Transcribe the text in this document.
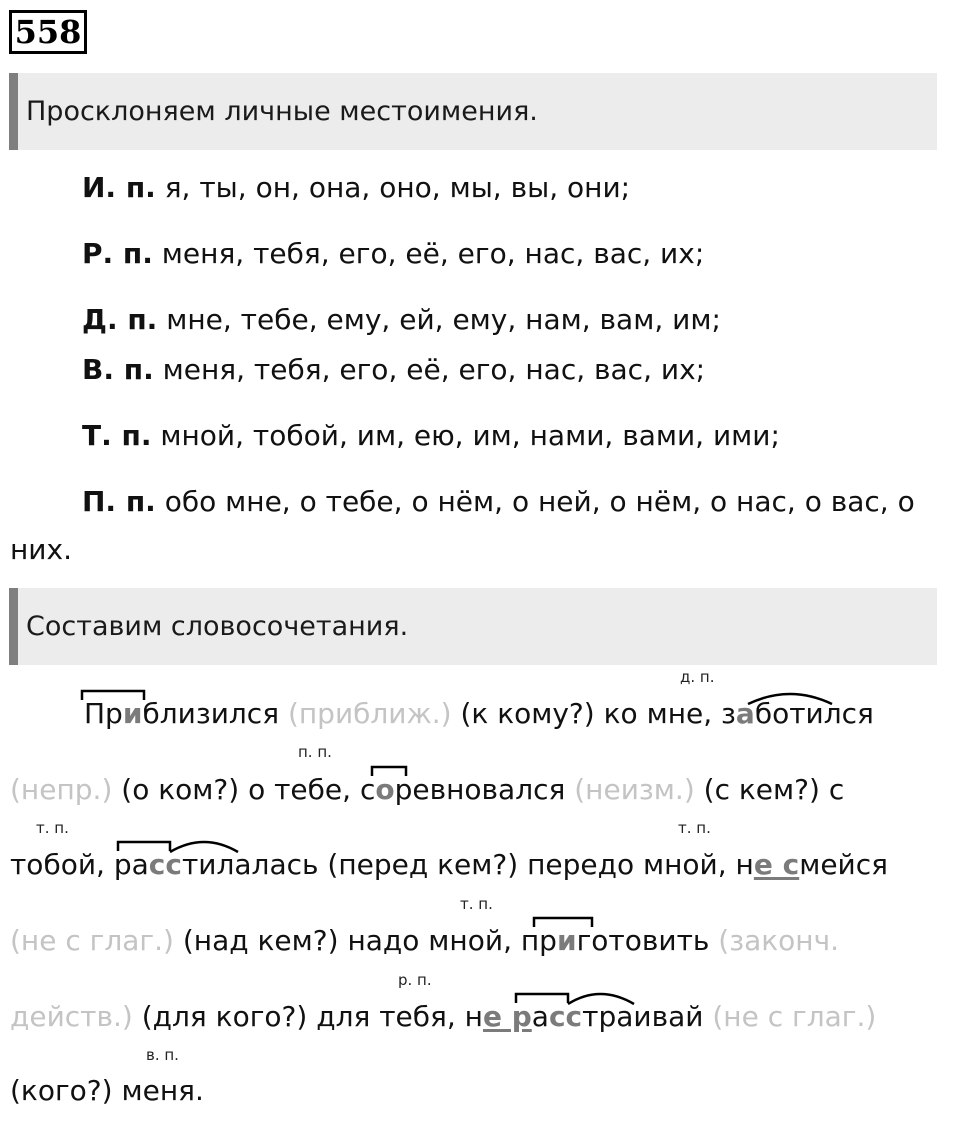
558
Просклоняем личные местоимения.
И. п. я, ты, он, она, оно, мы, вы, они;
Р. п. меня, тебя, его, её, его, нас, вас, их;
Д. п. мне, тебе, ему, ей, ему, нам, вам, им;
В. п. меня, тебя, его, её, его, нас, вас, их;
Т. п. мной, тобой, им, ею, им, нами, вами, ими;
П. п. обо мне, о тебе, о нём, о ней, о нём, о нас, о вас, о
них.
Составим словосочетания.
д. п.
п. п.
т. п.	т. п.
т. п.
р. п.
в. п.
Приблизился (приближ.) (к кому?) ко мне, заботился
(непр.) (о ком?) о тебе, соревновался (неизм.) (с кем?) с
тобой, расстилалась (перед кем?) передо мной, не смейся
(не с глаг.) (над кем?) надо мной, приготовить (законч.
действ.) (для кого?) для тебя, не расстраивай (не с глаг.)
(кого?) меня.
